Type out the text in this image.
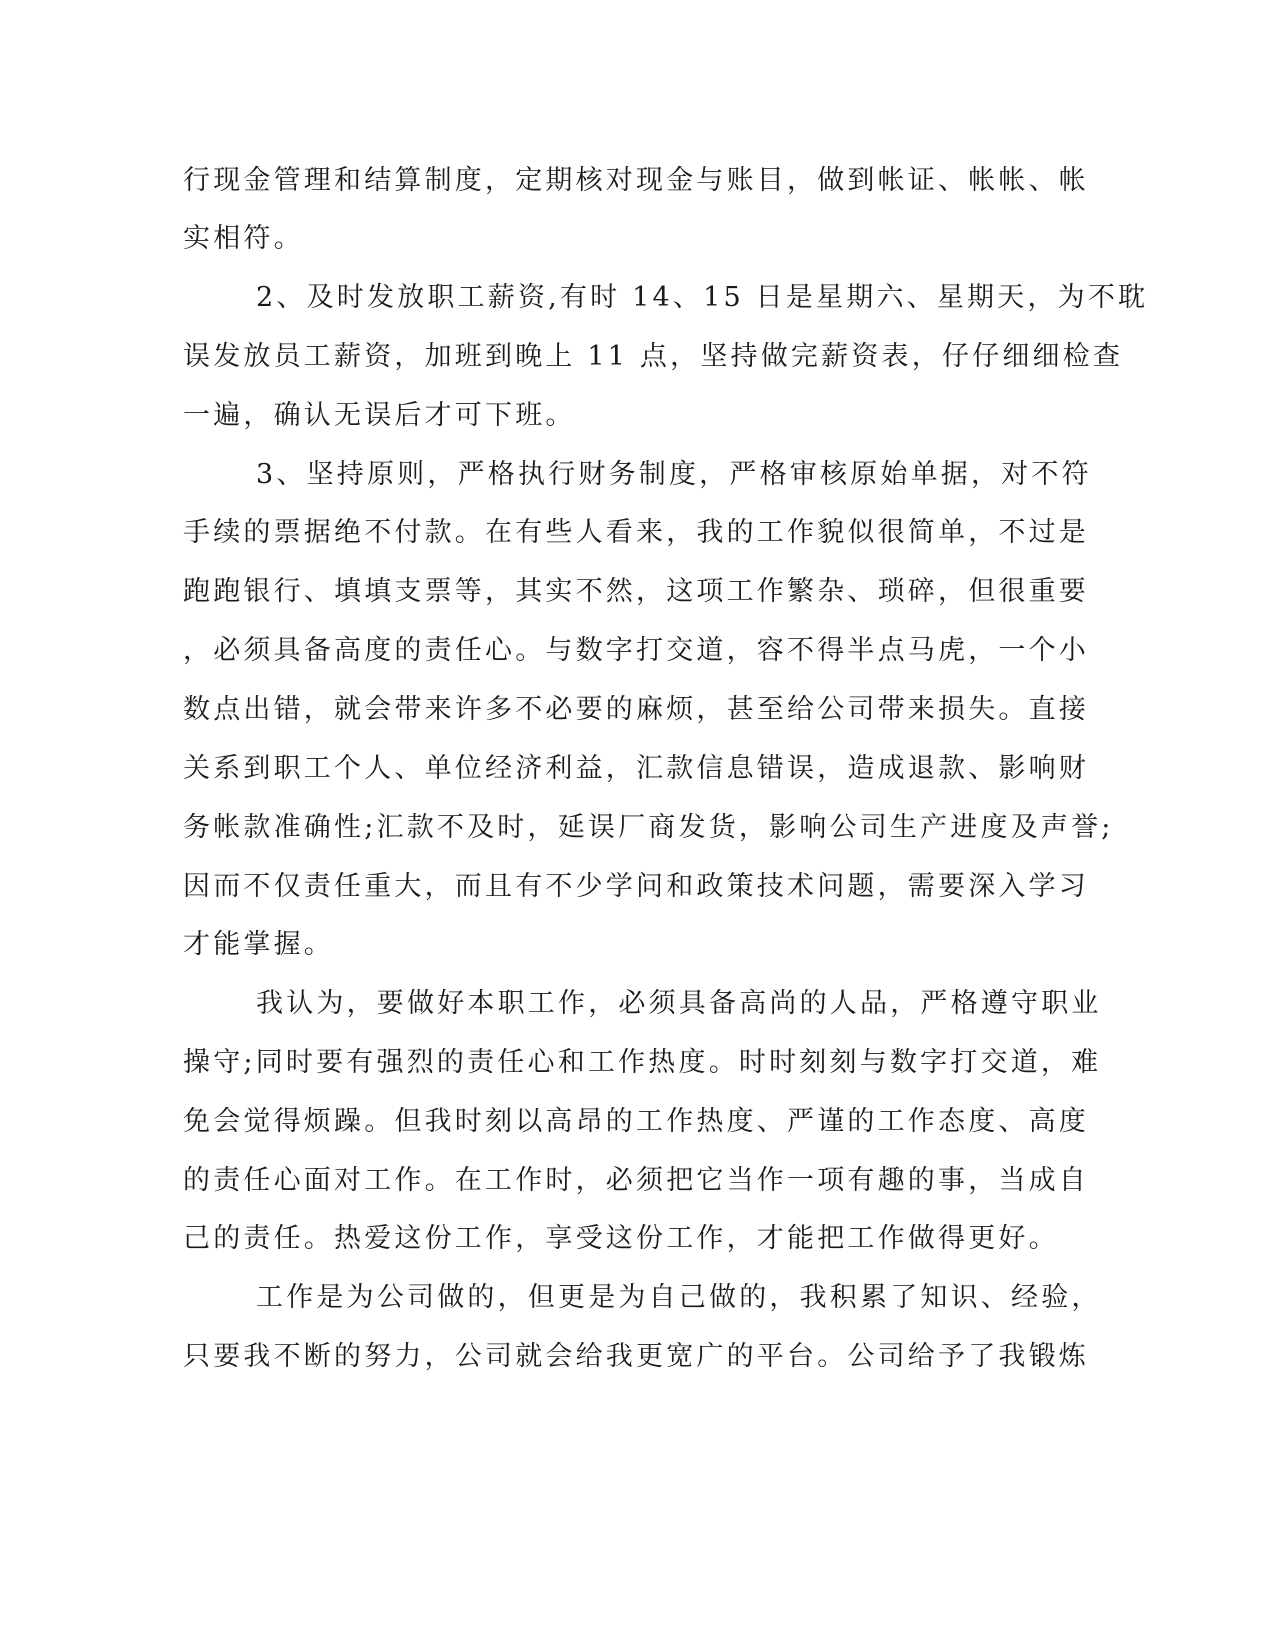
行现金管理和结算制度，定期核对现金与账目，做到帐证、帐帐、帐
实相符。
2、及时发放职工薪资,有时 14、15 日是星期六、星期天，为不耽
误发放员工薪资，加班到晚上 11 点，坚持做完薪资表，仔仔细细检查
一遍，确认无误后才可下班。
3、坚持原则，严格执行财务制度，严格审核原始单据，对不符
手续的票据绝不付款。在有些人看来，我的工作貌似很简单，不过是
跑跑银行、填填支票等，其实不然，这项工作繁杂、琐碎，但很重要
，必须具备高度的责任心。与数字打交道，容不得半点马虎，一个小
数点出错，就会带来许多不必要的麻烦，甚至给公司带来损失。直接
关系到职工个人、单位经济利益，汇款信息错误，造成退款、影响财
务帐款准确性;汇款不及时，延误厂商发货，影响公司生产进度及声誉;
因而不仅责任重大，而且有不少学问和政策技术问题，需要深入学习
才能掌握。
我认为，要做好本职工作，必须具备高尚的人品，严格遵守职业
操守;同时要有强烈的责任心和工作热度。时时刻刻与数字打交道，难
免会觉得烦躁。但我时刻以高昂的工作热度、严谨的工作态度、高度
的责任心面对工作。在工作时，必须把它当作一项有趣的事，当成自
己的责任。热爱这份工作，享受这份工作，才能把工作做得更好。
工作是为公司做的，但更是为自己做的，我积累了知识、经验，
只要我不断的努力，公司就会给我更宽广的平台。公司给予了我锻炼
